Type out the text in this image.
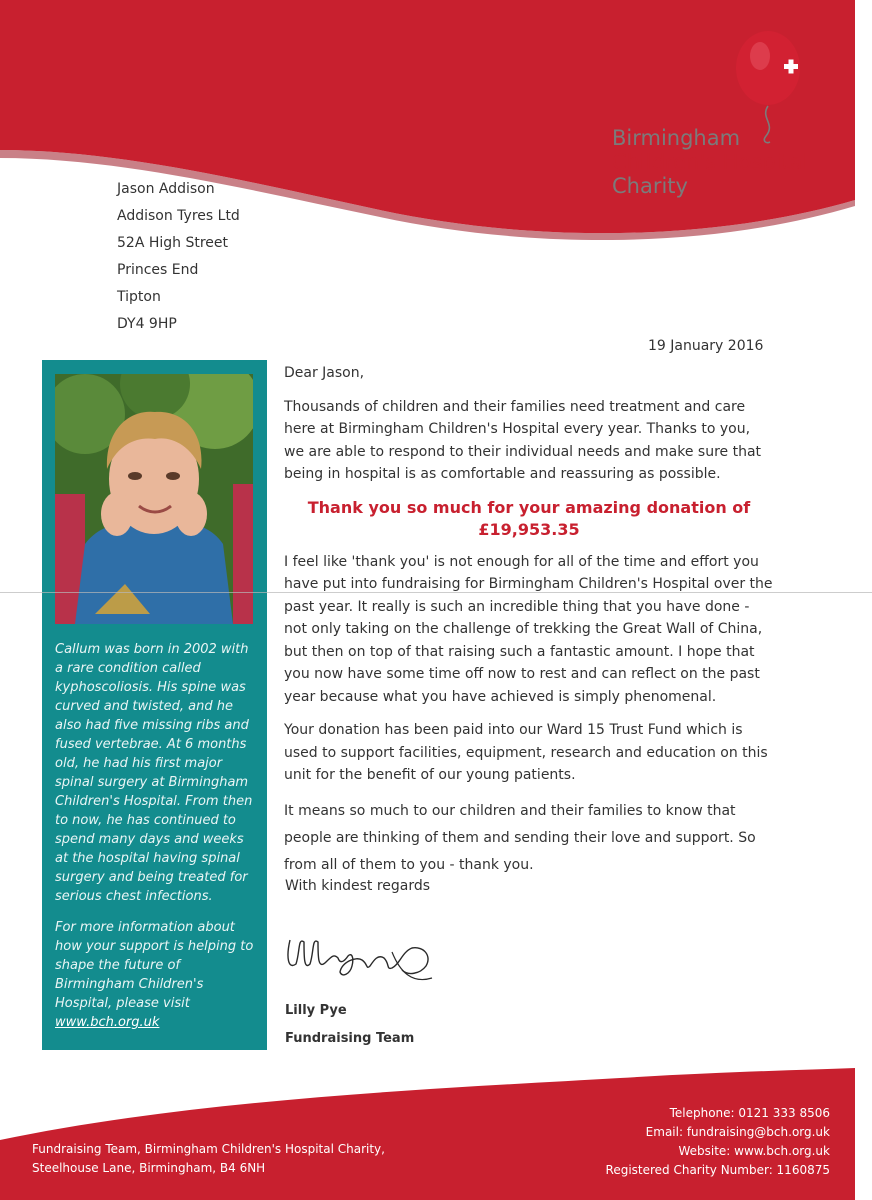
Birmingham
Children's Hospital
Charity
Jason Addison
Addison Tyres Ltd
52A High Street
Princes End
Tipton
DY4 9HP
19 January 2016

Callum was born in 2002 with a rare condition called kyphoscoliosis. His spine was curved and twisted, and he also had five missing ribs and fused vertebrae. At 6 months old, he had his first major spinal surgery at Birmingham Children's Hospital. From then to now, he has continued to spend many days and weeks at the hospital having spinal surgery and being treated for serious chest infections.

For more information about how your support is helping to shape the future of Birmingham Children's Hospital, please visit
www.bch.org.uk

Dear Jason,

Thousands of children and their families need treatment and care here at Birmingham Children's Hospital every year. Thanks to you, we are able to respond to their individual needs and make sure that being in hospital is as comfortable and reassuring as possible.

Thank you so much for your amazing donation of
£19,953.35

I feel like 'thank you' is not enough for all of the time and effort you have put into fundraising for Birmingham Children's Hospital over the past year. It really is such an incredible thing that you have done - not only taking on the challenge of trekking the Great Wall of China, but then on top of that raising such a fantastic amount. I hope that you now have some time off now to rest and can reflect on the past year because what you have achieved is simply phenomenal.

Your donation has been paid into our Ward 15 Trust Fund which is used to support facilities, equipment, research and education on this unit for the benefit of our young patients.

It means so much to our children and their families to know that people are thinking of them and sending their love and support. So from all of them to you - thank you.

With kindest regards
Lilly Pye
Fundraising Team
Fundraising Team, Birmingham Children's Hospital Charity,
Steelhouse Lane, Birmingham, B4 6NH
Telephone: 0121 333 8506
Email: fundraising@bch.org.uk
Website: www.bch.org.uk
Registered Charity Number: 1160875
